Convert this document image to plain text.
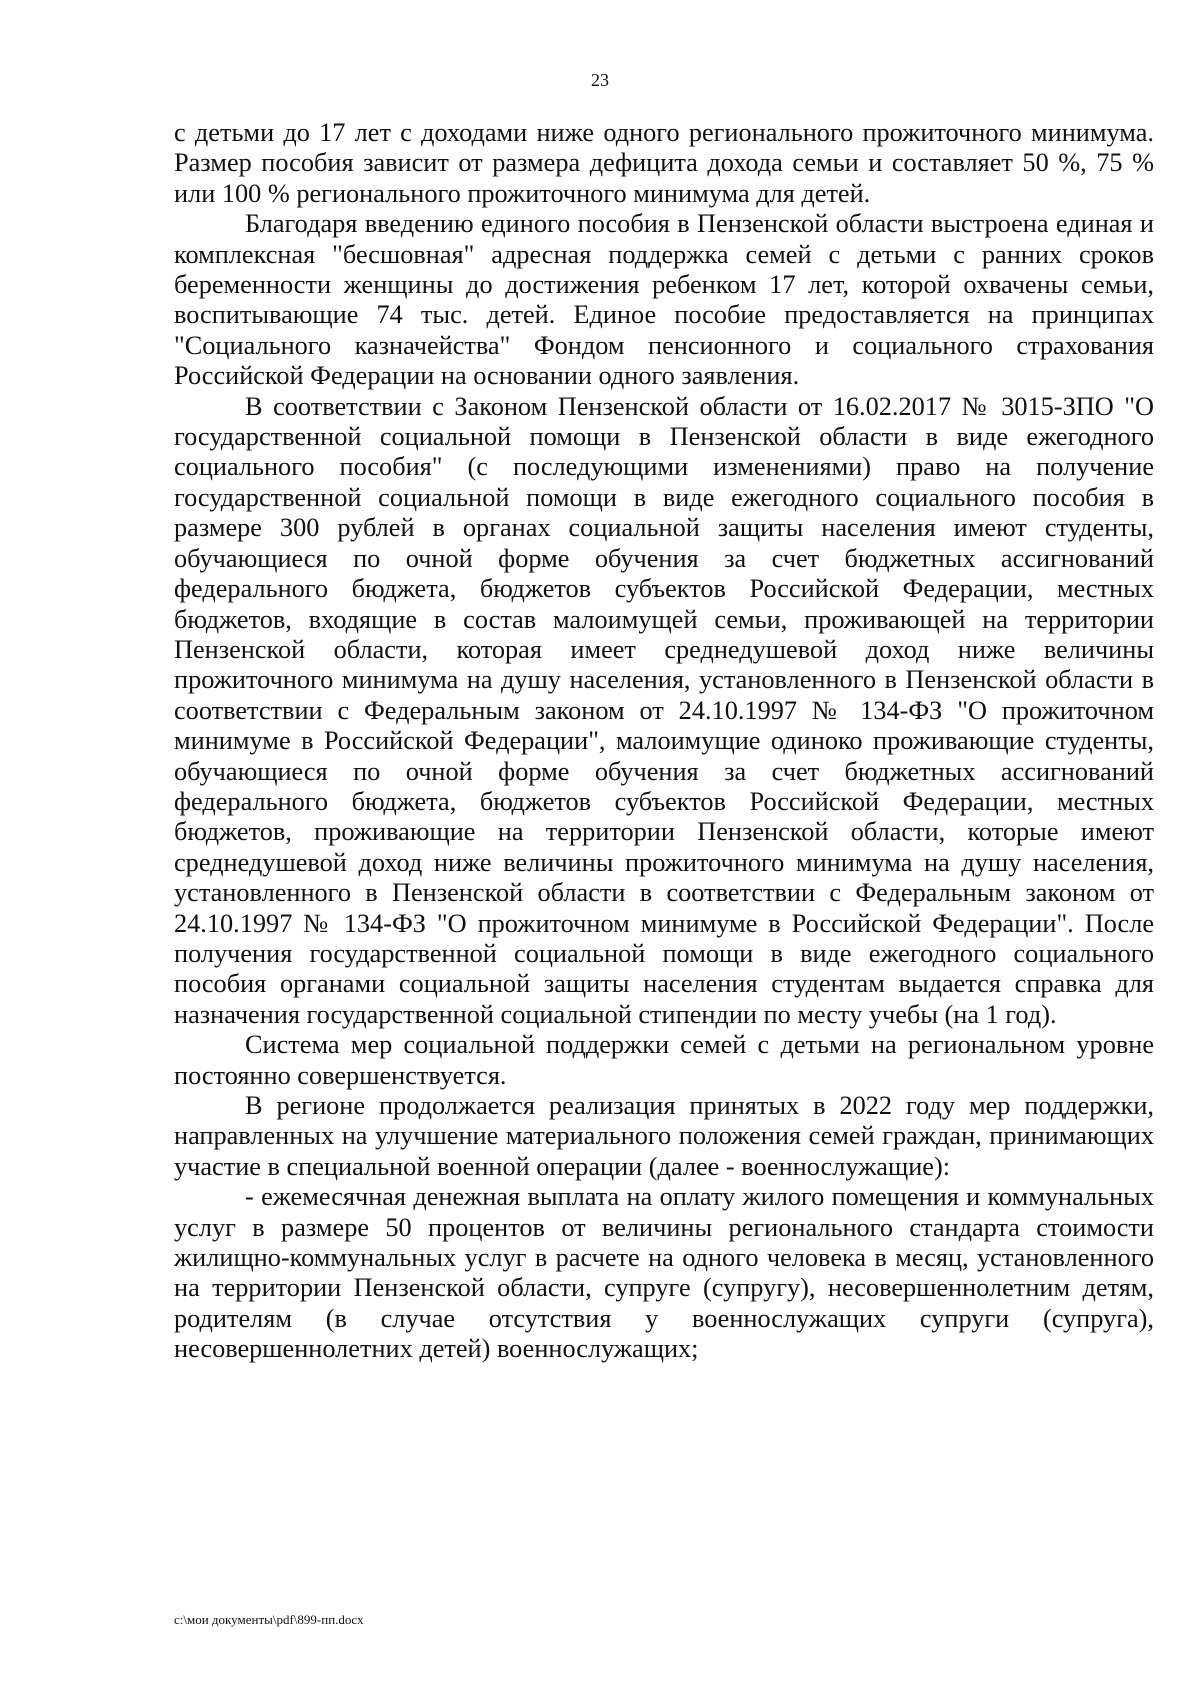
23

с детьми до 17 лет с доходами ниже одного регионального прожиточного минимума. Размер пособия зависит от размера дефицита дохода семьи и составляет 50 %, 75 % или 100 % регионального прожиточного минимума для детей.

Благодаря введению единого пособия в Пензенской области выстроена единая и комплексная "бесшовная" адресная поддержка семей с детьми с ранних сроков беременности женщины до достижения ребенком 17 лет, которой охвачены семьи, воспитывающие 74 тыс. детей. Единое пособие предоставляется на принципах "Социального казначейства" Фондом пенсионного и социального страхования Российской Федерации на основании одного заявления.

В соответствии с Законом Пензенской области от 16.02.2017 № 3015-ЗПО "О государственной социальной помощи в Пензенской области в виде ежегодного социального пособия" (с последующими изменениями) право на получение государственной социальной помощи в виде ежегодного социального пособия в размере 300 рублей в органах социальной защиты населения имеют студенты, обучающиеся по очной форме обучения за счет бюджетных ассигнований федерального бюджета, бюджетов субъектов Российской Федерации, местных бюджетов, входящие в состав малоимущей семьи, проживающей на территории Пензенской области, которая имеет среднедушевой доход ниже величины прожиточного минимума на душу населения, установленного в Пензенской области в соответствии с Федеральным законом от 24.10.1997 № 134-ФЗ "О прожиточном минимуме в Российской Федерации", малоимущие одиноко проживающие студенты, обучающиеся по очной форме обучения за счет бюджетных ассигнований федерального бюджета, бюджетов субъектов Российской Федерации, местных бюджетов, проживающие на территории Пензенской области, которые имеют среднедушевой доход ниже величины прожиточного минимума на душу населения, установленного в Пензенской области в соответствии с Федеральным законом от 24.10.1997 № 134-ФЗ "О прожиточном минимуме в Российской Федерации". После получения государственной социальной помощи в виде ежегодного социального пособия органами социальной защиты населения студентам выдается справка для назначения государственной социальной стипендии по месту учебы (на 1 год).

Система мер социальной поддержки семей с детьми на региональном уровне постоянно совершенствуется.

В регионе продолжается реализация принятых в 2022 году мер поддержки, направленных на улучшение материального положения семей граждан, принимающих участие в специальной военной операции (далее - военнослужащие):

- ежемесячная денежная выплата на оплату жилого помещения и коммунальных услуг в размере 50 процентов от величины регионального стандарта стоимости жилищно-коммунальных услуг в расчете на одного человека в месяц, установленного на территории Пензенской области, супруге (супругу), несовершеннолетним детям, родителям (в случае отсутствия у военнослужащих супруги (супруга), несовершеннолетних детей) военнослужащих;

c:\мои документы\pdf\899-пп.docx
